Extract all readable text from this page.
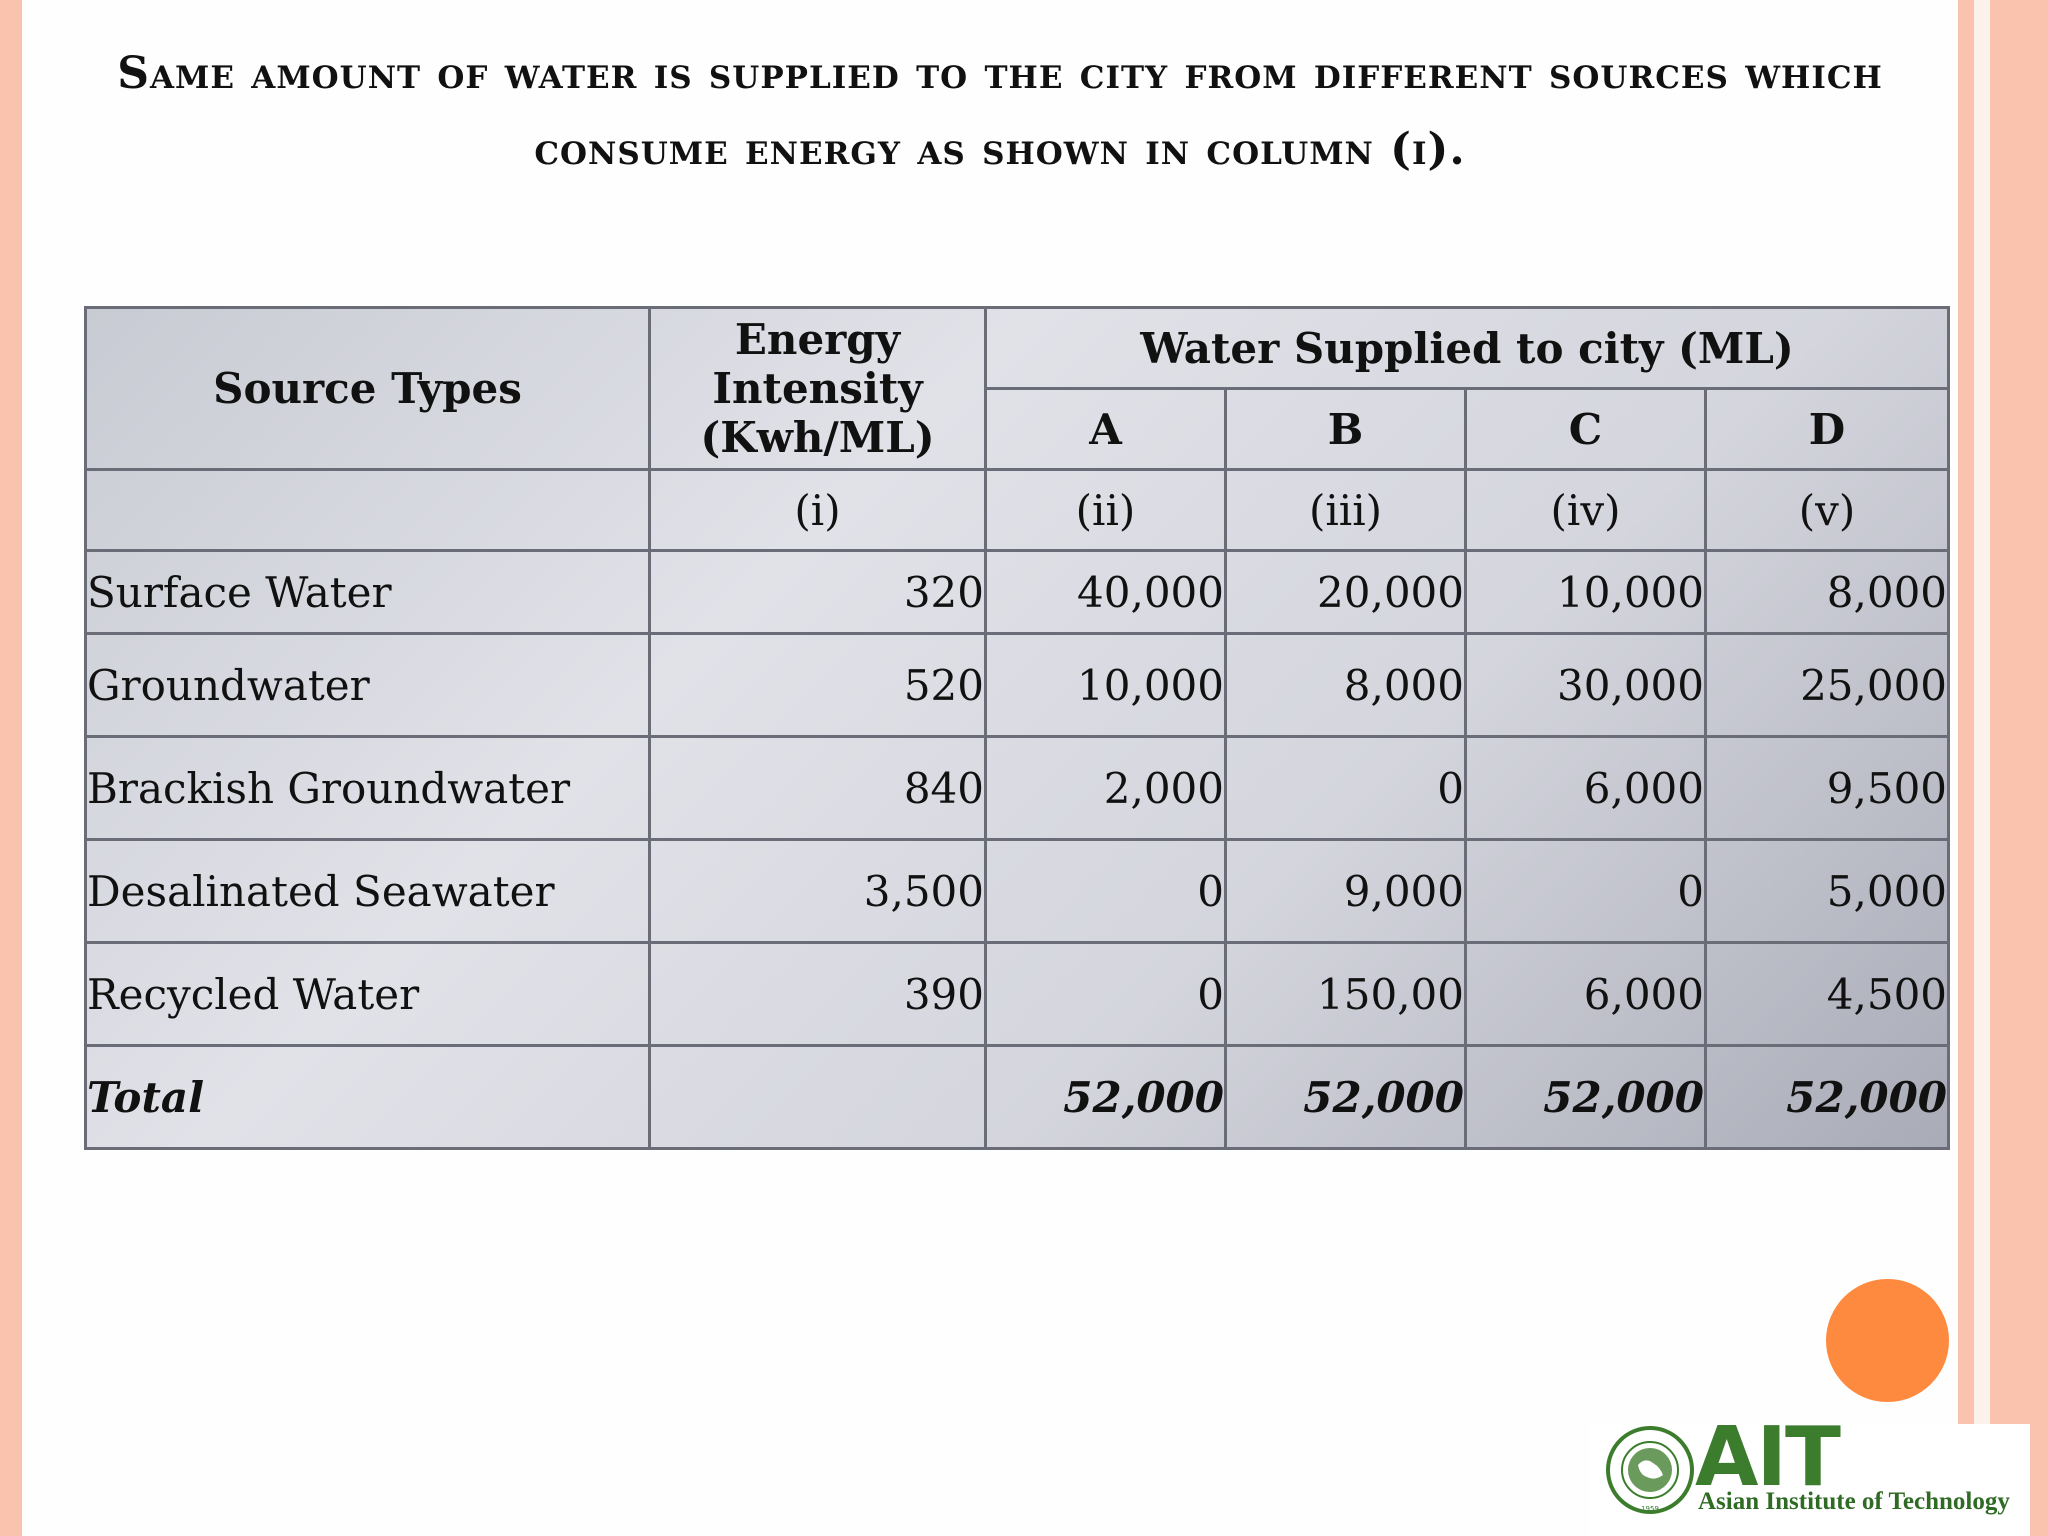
Same amount of water is supplied to the city from different sources which consume energy as shown in column (i).
Source Types	Energy Intensity (Kwh/ML)	Water Supplied to city (ML)			
		A	B	C	D
	(i)	(ii)	(iii)	(iv)	(v)
Surface Water	320	40,000	20,000	10,000	8,000
Groundwater	520	10,000	8,000	30,000	25,000
Brackish Groundwater	840	2,000	0	6,000	9,500
Desalinated Seawater	3,500	0	9,000	0	5,000
Recycled Water	390	0	150,00	6,000	4,500
Total		52,000	52,000	52,000	52,000
1959
AIT
Asian Institute of Technology
